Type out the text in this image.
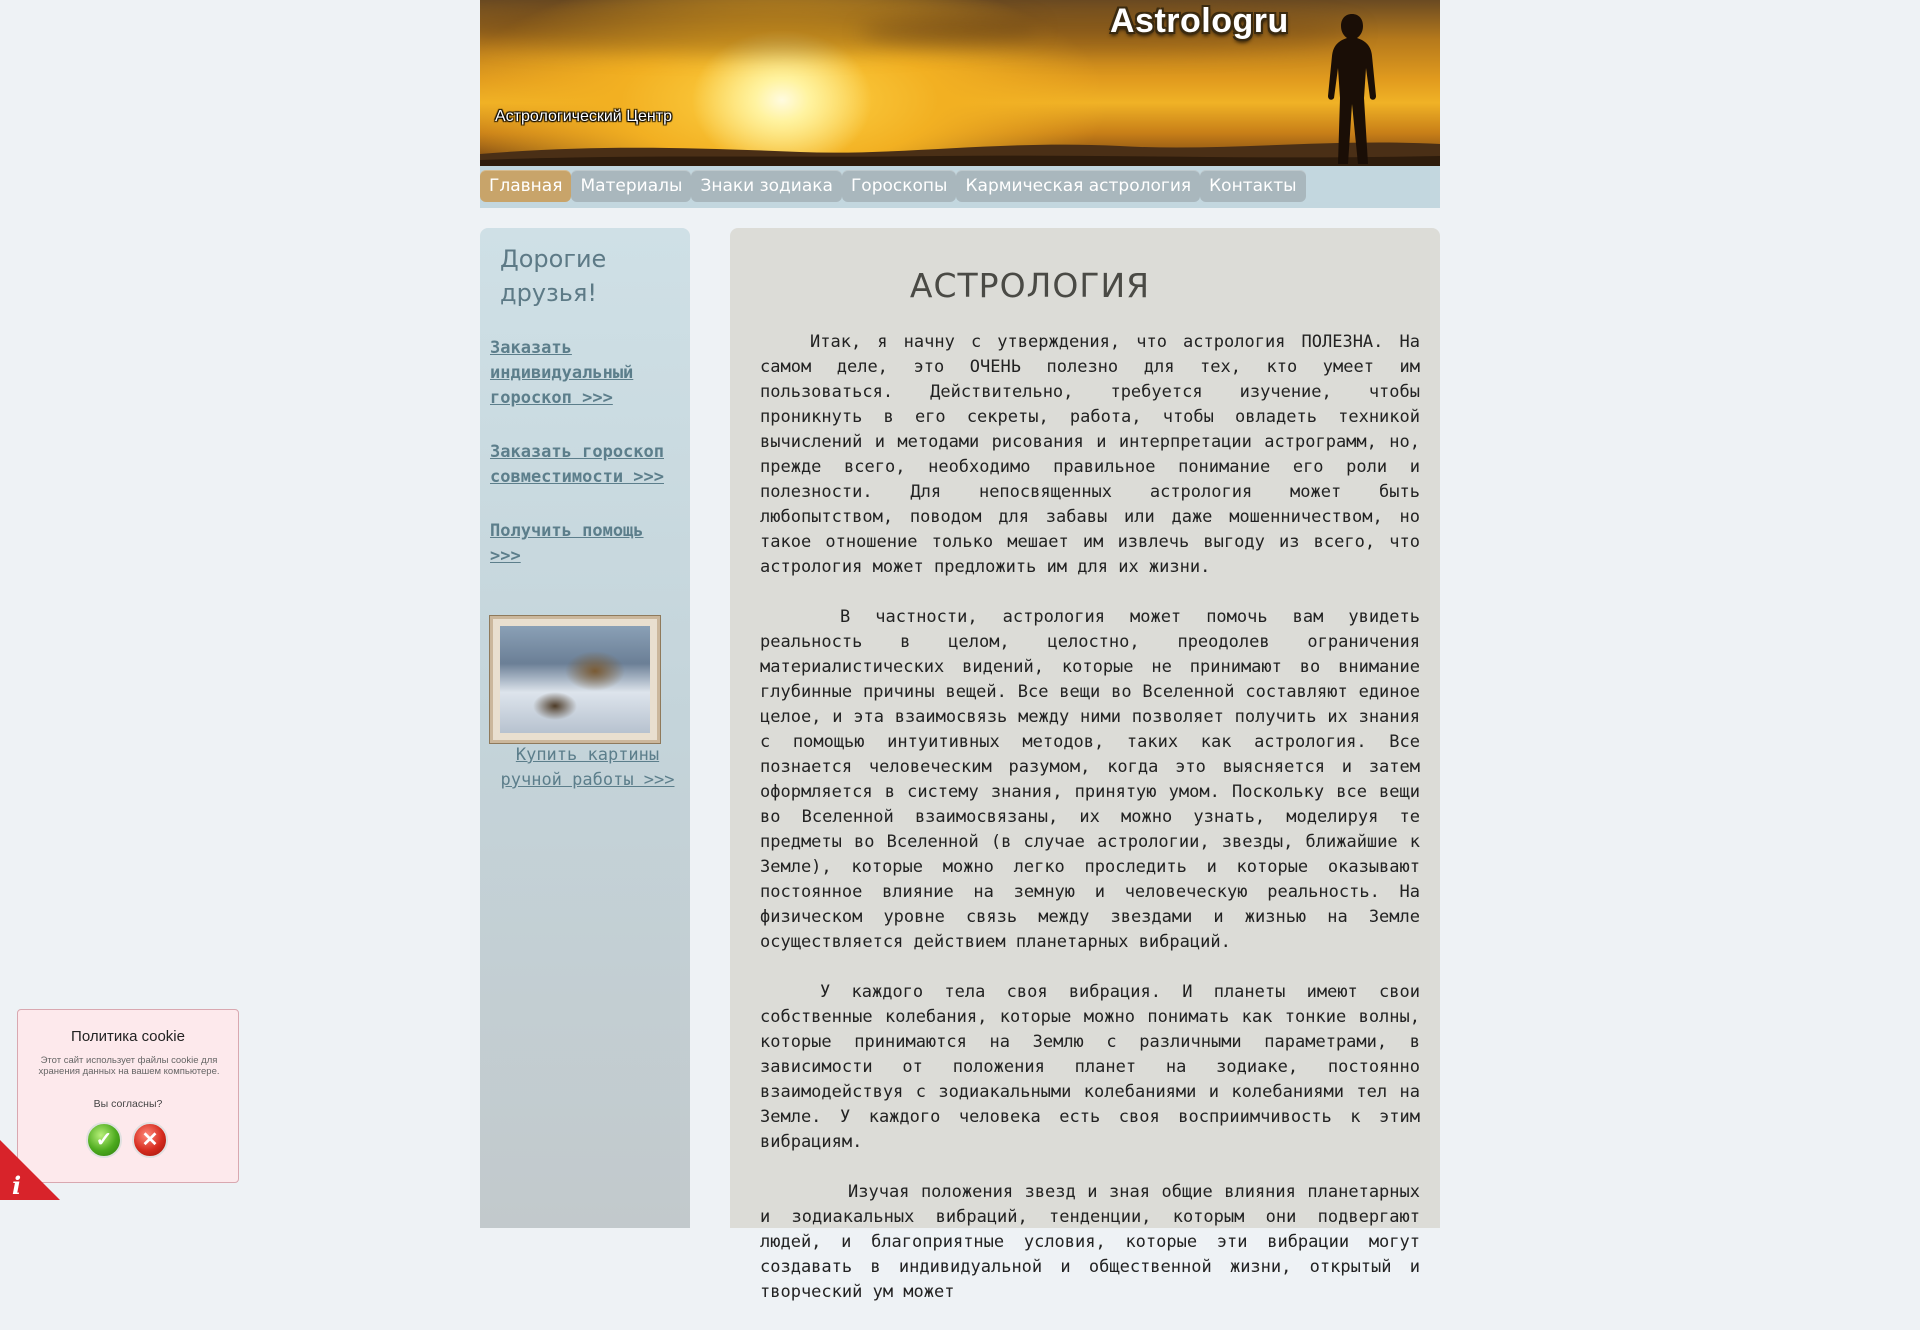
Astrologru
Астрологический Центр
Главная	Материалы	Знаки зодиака	Гороскопы	Кармическая астрология	Контакты
Дорогие друзья!
Заказать индивидуальный гороскоп >>>
Заказать гороскоп совместимости >>>
Получить помощь >>>
Купить картины ручной работы >>>
АСТРОЛОГИЯ

Итак, я начну с утверждения, что астрология ПОЛЕЗНА. На самом деле, это ОЧЕНЬ полезно для тех, кто умеет им пользоваться. Действительно, требуется изучение, чтобы проникнуть в его секреты, работа, чтобы овладеть техникой вычислений и методами рисования и интерпретации астрограмм, но, прежде всего, необходимо правильное понимание его роли и полезности. Для непосвященных астрология может быть любопытством, поводом для забавы или даже мошенничеством, но такое отношение только мешает им извлечь выгоду из всего, что астрология может предложить им для их жизни.

В частности, астрология может помочь вам увидеть реальность в целом, целостно, преодолев ограничения материалистических видений, которые не принимают во внимание глубинные причины вещей. Все вещи во Вселенной составляют единое целое, и эта взаимосвязь между ними позволяет получить их знания с помощью интуитивных методов, таких как астрология. Все познается человеческим разумом, когда это выясняется и затем оформляется в систему знания, принятую умом. Поскольку все вещи во Вселенной взаимосвязаны, их можно узнать, моделируя те предметы во Вселенной (в случае астрологии, звезды, ближайшие к Земле), которые можно легко проследить и которые оказывают постоянное влияние на земную и человеческую реальность. На физическом уровне связь между звездами и жизнью на Земле осуществляется действием планетарных вибраций.

У каждого тела своя вибрация. И планеты имеют свои собственные колебания, которые можно понимать как тонкие волны, которые принимаются на Землю с различными параметрами, в зависимости от положения планет на зодиаке, постоянно взаимодействуя с зодиакальными колебаниями и колебаниями тел на Земле. У каждого человека есть своя восприимчивость к этим вибрациям.

Изучая положения звезд и зная общие влияния планетарных и зодиакальных вибраций, тенденции, которым они подвергают людей, и благоприятные условия, которые эти вибрации могут создавать в индивидуальной и общественной жизни, открытый и творческий ум может

Политика cookie
Этот сайт использует файлы cookie для хранения данных на вашем компьютере.
Вы согласны?
✓	✕
i
